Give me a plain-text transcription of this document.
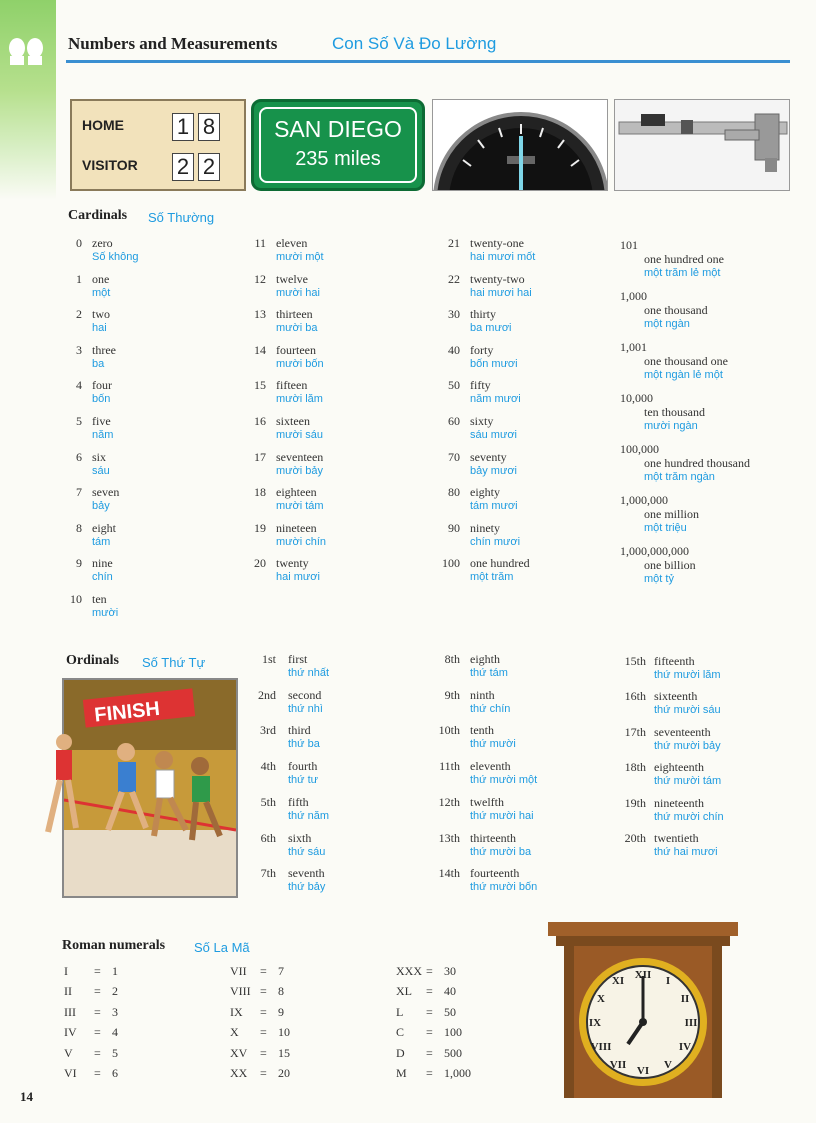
Numbers and Measurements	Con Số Và Đo Lường
HOME
VISITOR
1 8
2 2
SAN DIEGO
235 miles
Cardinals Số Thường
0 zero
Số không
1 one
một
2 two
hai
3 three
ba
4 four
bốn
5 five
năm
6 six
sáu
7 seven
bảy
8 eight
tám
9 nine
chín
10 ten
mười
11 eleven
mười một
12 twelve
mười hai
13 thirteen
mười ba
14 fourteen
mười bốn
15 fifteen
mười lăm
16 sixteen
mười sáu
17 seventeen
mười bảy
18 eighteen
mười tám
19 nineteen
mười chín
20 twenty
hai mươi
21 twenty-one
hai mươi mốt
22 twenty-two
hai mươi hai
30 thirty
ba mươi
40 forty
bốn mươi
50 fifty
năm mươi
60 sixty
sáu mươi
70 seventy
bảy mươi
80 eighty
tám mươi
90 ninety
chín mươi
100 one hundred
một trăm
101
one hundred one
một trăm lẻ một
1,000
one thousand
một ngàn
1,001
one thousand one
một ngàn lẻ một
10,000
ten thousand
mười ngàn
100,000
one hundred thousand
một trăm ngàn
1,000,000
one million
một triệu
1,000,000,000
one billion
một tỷ
Ordinals Số Thứ Tự
FINISH
1st first
thứ nhất
2nd second
thứ nhì
3rd third
thứ ba
4th fourth
thứ tư
5th fifth
thứ năm
6th sixth
thứ sáu
7th seventh
thứ bảy
8th eighth
thứ tám
9th ninth
thứ chín
10th tenth
thứ mười
11th eleventh
thứ mười một
12th twelfth
thứ mười hai
13th thirteenth
thứ mười ba
14th fourteenth
thứ mười bốn
15th fifteenth
thứ mười lăm
16th sixteenth
thứ mười sáu
17th seventeenth
thứ mười bảy
18th eighteenth
thứ mười tám
19th nineteenth
thứ mười chín
20th twentieth
thứ hai mươi
Roman numerals Số La Mã
I = 1
II = 2
III = 3
IV = 4
V = 5
VI = 6
VII = 7
VIII = 8
IX = 9
X = 10
XV = 15
XX = 20
XXX = 30
XL = 40
L = 50
C = 100
D = 500
M = 1,000
XII I
II
III
IV
V
VI
VII
VIII
IX
X
XI
14
